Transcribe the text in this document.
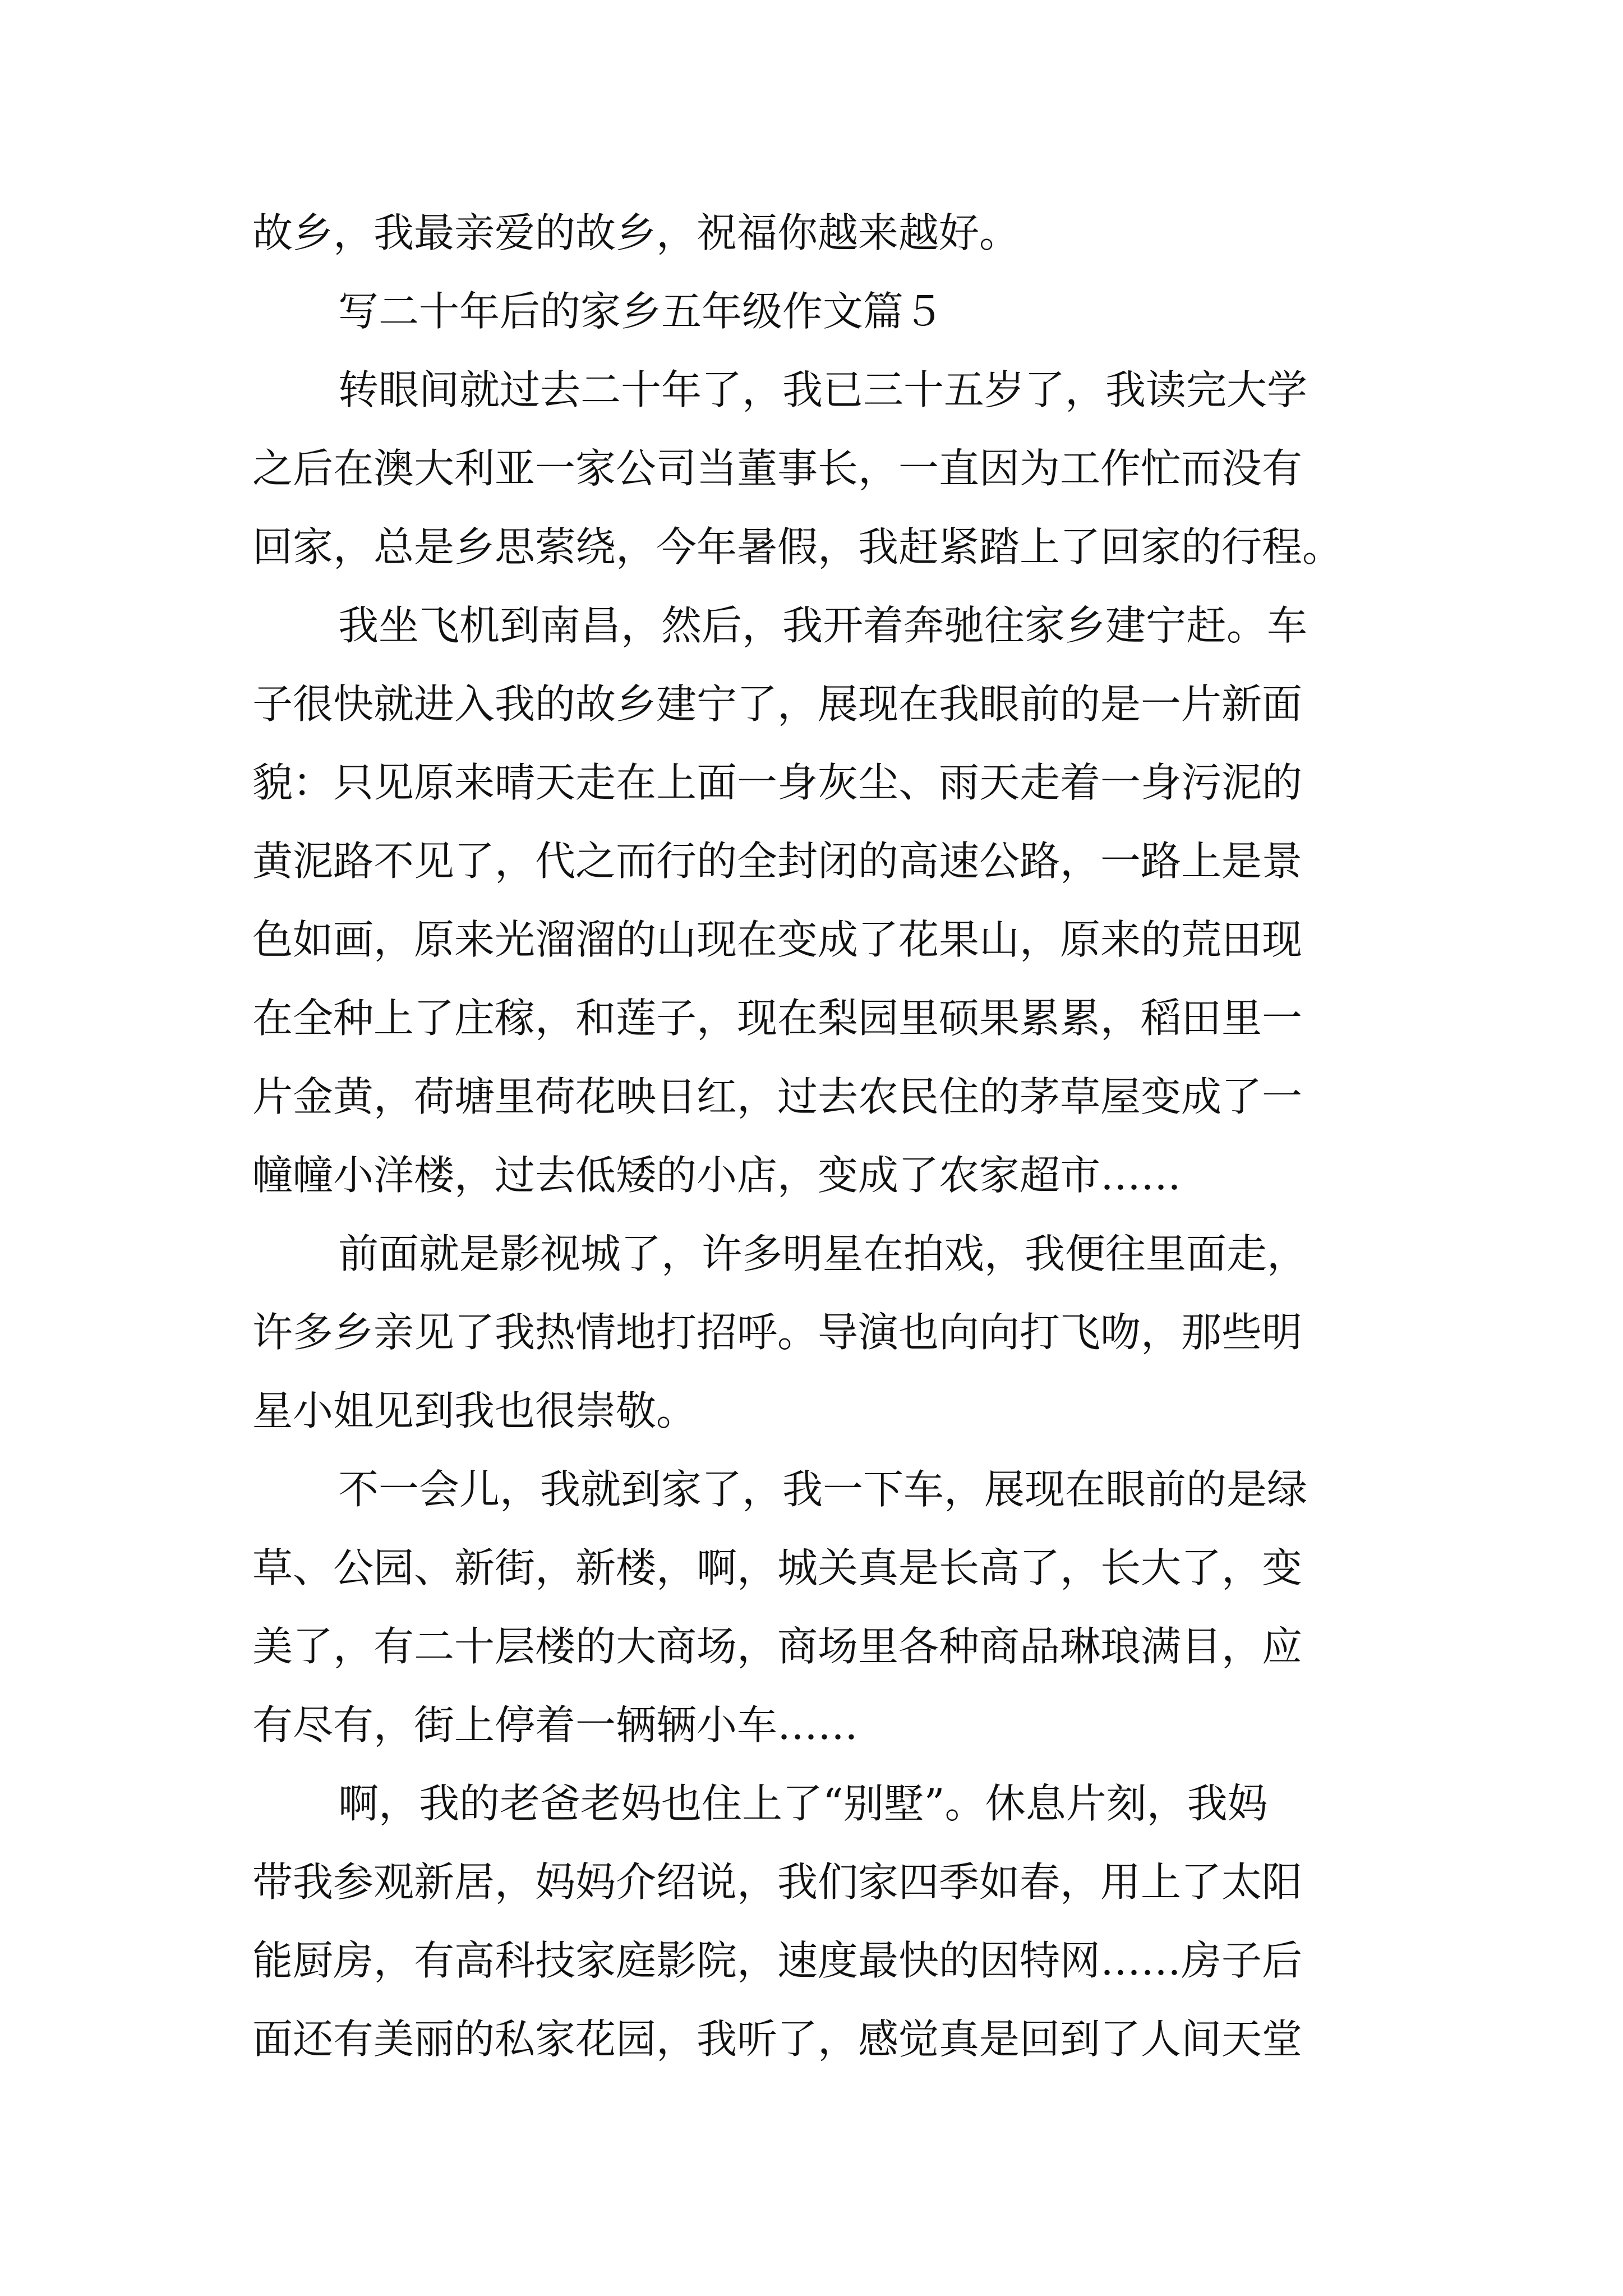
故乡，我最亲爱的故乡，祝福你越来越好。

写二十年后的家乡五年级作文篇５

转眼间就过去二十年了，我已三十五岁了，我读完大学

之后在澳大利亚一家公司当董事长，一直因为工作忙而没有

回家，总是乡思萦绕，今年暑假，我赶紧踏上了回家的行程。

我坐飞机到南昌，然后，我开着奔驰往家乡建宁赶。车

子很快就进入我的故乡建宁了，展现在我眼前的是一片新面

貌：只见原来晴天走在上面一身灰尘、雨天走着一身污泥的

黄泥路不见了，代之而行的全封闭的高速公路，一路上是景

色如画，原来光溜溜的山现在变成了花果山，原来的荒田现

在全种上了庄稼，和莲子，现在梨园里硕果累累，稻田里一

片金黄，荷塘里荷花映日红，过去农民住的茅草屋变成了一

幢幢小洋楼，过去低矮的小店，变成了农家超市……

前面就是影视城了，许多明星在拍戏，我便往里面走，

许多乡亲见了我热情地打招呼。导演也向向打飞吻，那些明

星小姐见到我也很崇敬。

不一会儿，我就到家了，我一下车，展现在眼前的是绿

草、公园、新街，新楼，啊，城关真是长高了，长大了，变

美了，有二十层楼的大商场，商场里各种商品琳琅满目，应

有尽有，街上停着一辆辆小车……

啊，我的老爸老妈也住上了“别墅”。休息片刻，我妈

带我参观新居，妈妈介绍说，我们家四季如春，用上了太阳

能厨房，有高科技家庭影院，速度最快的因特网……房子后

面还有美丽的私家花园，我听了，感觉真是回到了人间天堂
